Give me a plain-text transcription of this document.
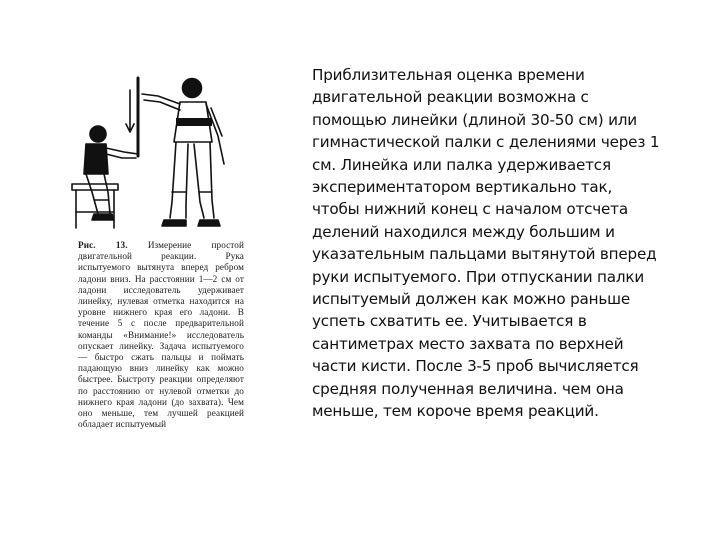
Рис. 13. Измерение простой двигательной реакции. Рука испытуемого вытянута вперед ребром ладони вниз. На расстоянии 1—2 см от ладони исследователь удерживает линейку, нулевая отметка находится на уровне нижнего края его ладони. В течение 5 с после предварительной команды «Внимание!» исследователь опускает линейку. Задача испытуемого — быстро сжать пальцы и поймать падающую вниз линейку как можно быстрее. Быстроту реакции определяют по расстоянию от нулевой отметки до нижнего края ладони (до захвата). Чем оно меньше, тем лучшей реакцией обладает испытуемый
Приблизительная оценка времени двигательной реакции возможна с помощью линейки (длиной 30-50 см) или гимнастической палки с делениями через 1 см. Линейка или палка удерживается экспериментатором вертикально так, чтобы нижний конец с началом отсчета делений находился между большим и указательным пальцами вытянутой вперед руки испытуемого. При отпускании палки испытуемый должен как можно раньше успеть схватить ее. Учитывается в сантиметрах место захвата по верхней части кисти. После 3-5 проб вычисляется средняя полученная величина. чем она меньше, тем короче время реакций.
